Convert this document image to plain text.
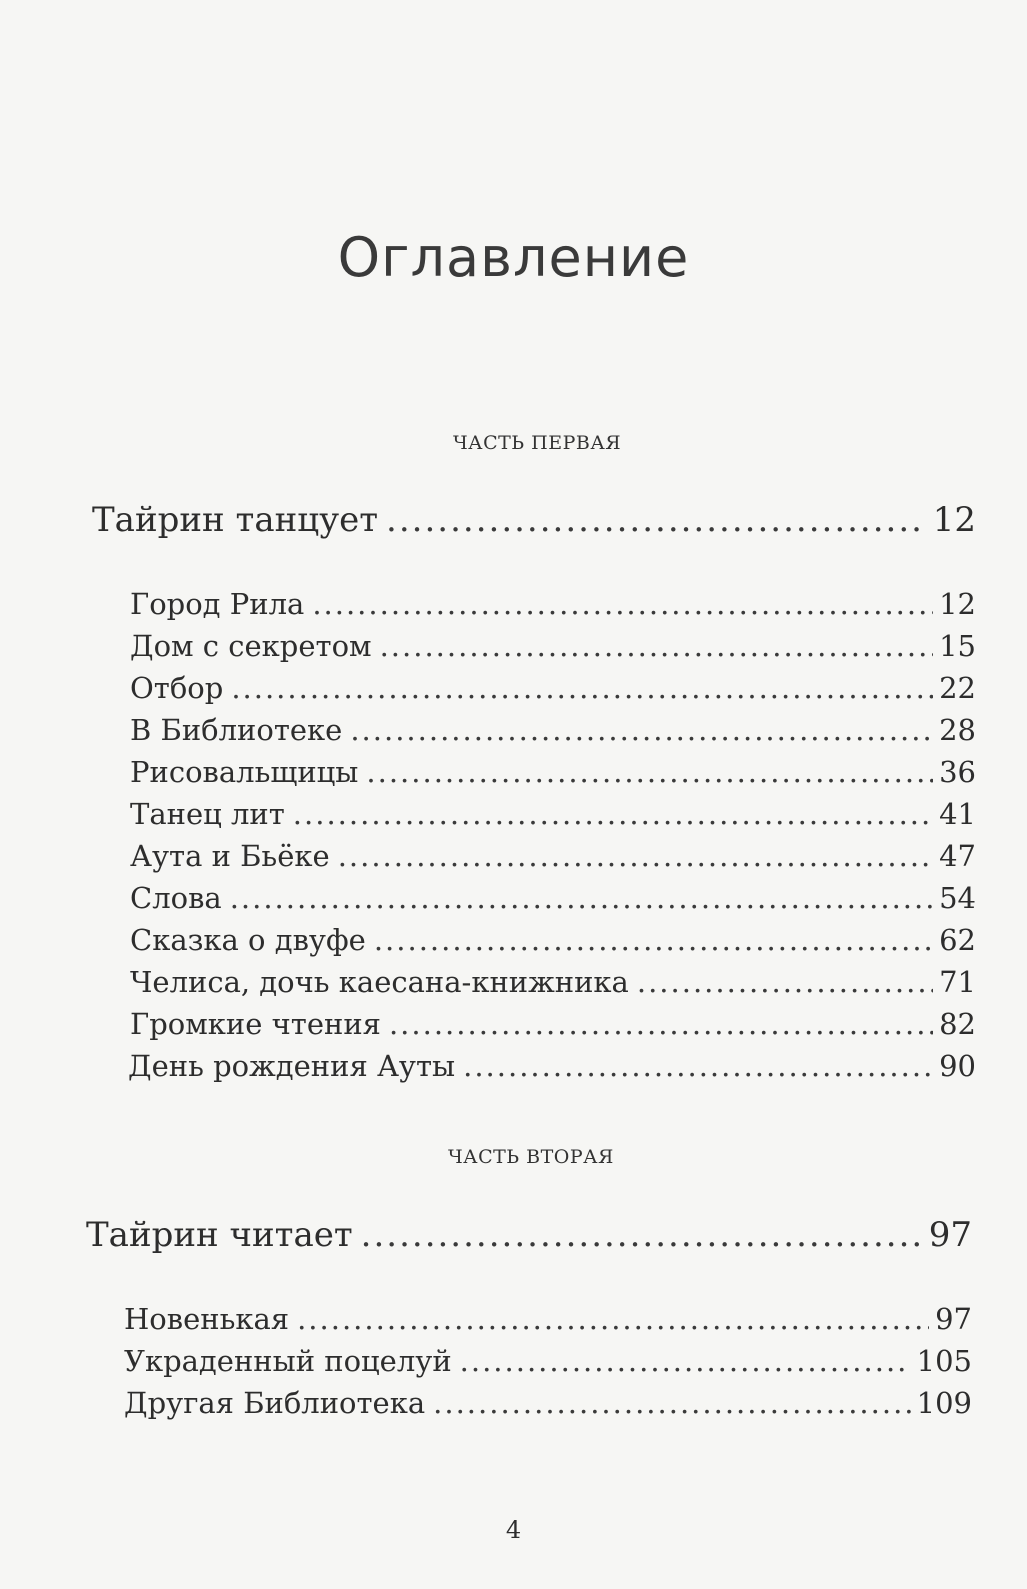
Оглавление
ЧАСТЬ ПЕРВАЯ
Тайрин танцует .....	12
Город Рила .....	12
Дом с секретом .....	15
Отбор .....	22
В Библиотеке .....	28
Рисовальщицы .....	36
Танец лит .....	41
Аута и Бьёке .....	47
Слова .....	54
Сказка о двуфе .....	62
Челиса, дочь каесана-книжника .....	71
Громкие чтения .....	82
День рождения Ауты .....	90
ЧАСТЬ ВТОРАЯ
Тайрин читает .....	97
Новенькая .....	97
Украденный поцелуй .....	105
Другая Библиотека .....	109
4
